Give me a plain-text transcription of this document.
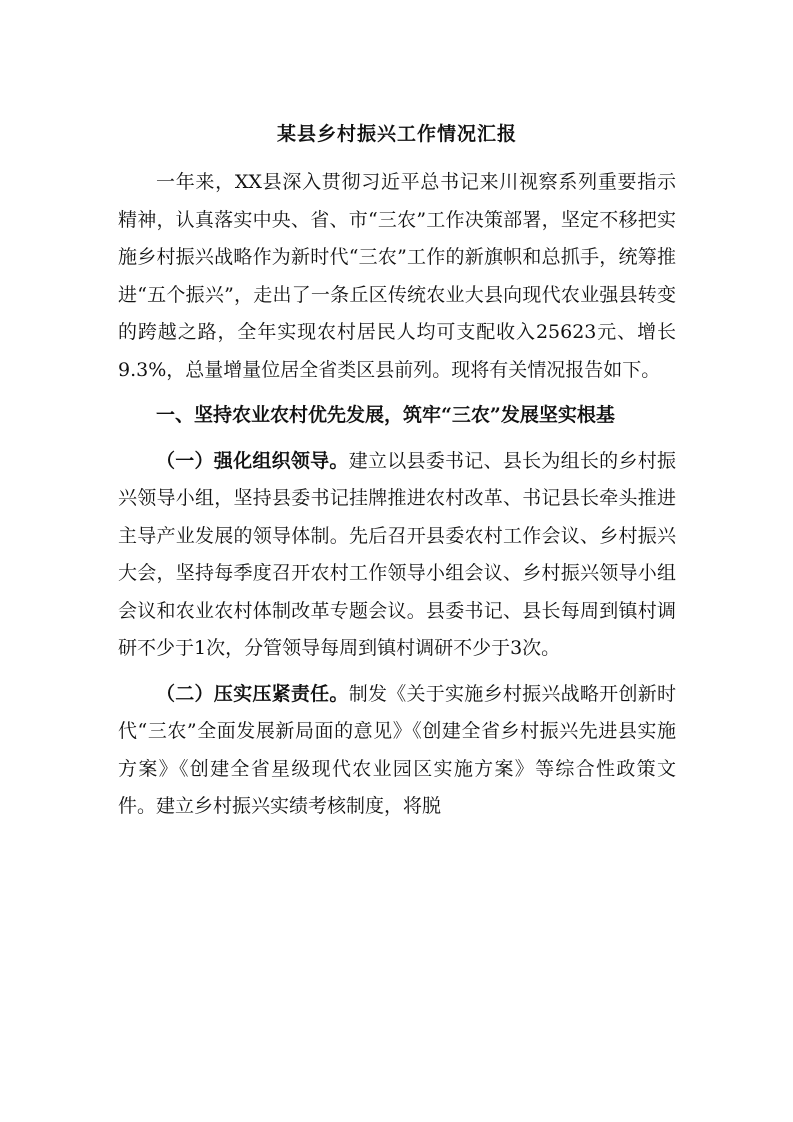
某县乡村振兴工作情况汇报

一年来，XX县深入贯彻习近平总书记来川视察系列重要指示精神，认真落实中央、省、市“三农”工作决策部署，坚定不移把实施乡村振兴战略作为新时代“三农”工作的新旗帜和总抓手，统筹推进“五个振兴”，走出了一条丘区传统农业大县向现代农业强县转变的跨越之路，全年实现农村居民人均可支配收入25623元、增长9.3%，总量增量位居全省类区县前列。现将有关情况报告如下。

一、坚持农业农村优先发展，筑牢“三农”发展坚实根基

（一）强化组织领导。建立以县委书记、县长为组长的乡村振兴领导小组，坚持县委书记挂牌推进农村改革、书记县长牵头推进主导产业发展的领导体制。先后召开县委农村工作会议、乡村振兴大会，坚持每季度召开农村工作领导小组会议、乡村振兴领导小组会议和农业农村体制改革专题会议。县委书记、县长每周到镇村调研不少于1次，分管领导每周到镇村调研不少于3次。

（二）压实压紧责任。制发《关于实施乡村振兴战略开创新时代“三农”全面发展新局面的意见》《创建全省乡村振兴先进县实施方案》《创建全省星级现代农业园区实施方案》等综合性政策文件。建立乡村振兴实绩考核制度，将脱
